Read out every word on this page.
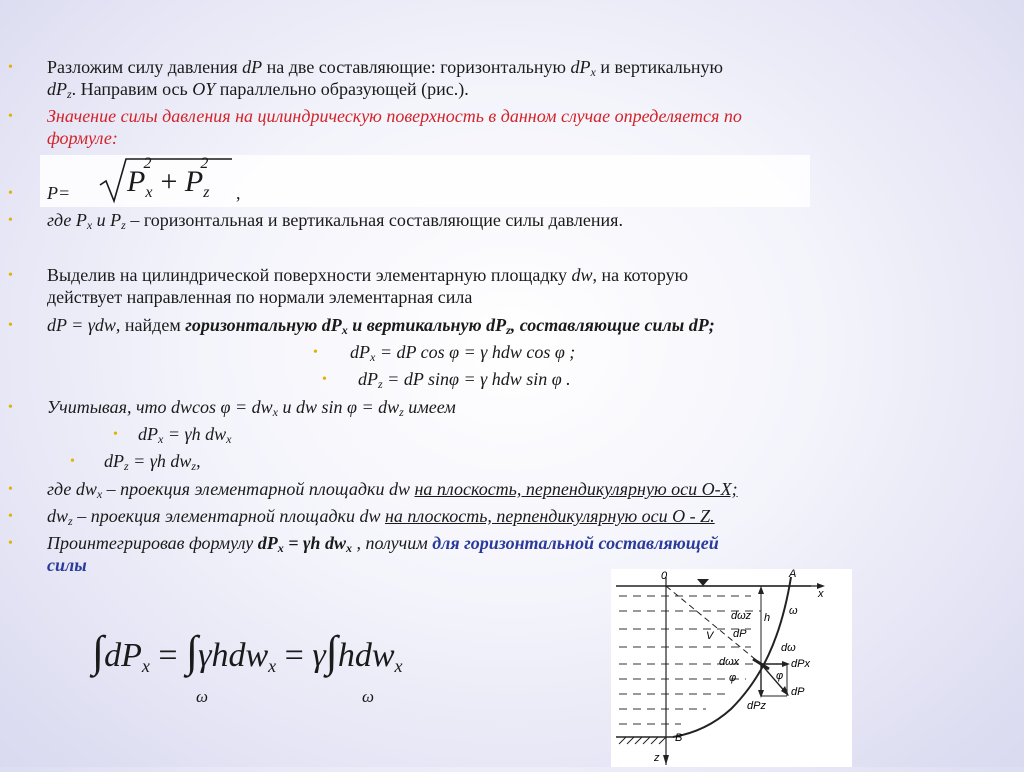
• Разложим силу давления dP на две составляющие: горизонтальную $dP_x$ и вертикальную
$dP_z$. Направим ось OY параллельно образующей (рис.).
• Значение силы давления на цилиндрическую поверхность в данном случае определяется по
формуле:
• $P= P_x^2+ P_z^2$
,
• где $P_x$ и $P_z$ – горизонтальная и вертикальная составляющие силы давления.
• Выделив на цилиндрической поверхности элементарную площадку dw, на которую
действует направленная по нормали элементарная сила
• dP = γdw, найдем горизонтальную $dP_x$ и вертикальную $dP_z$, составляющие силы dP;
• $dP_x$ = dP cos φ = γ hdw cos φ ;
• $dP_z$ = dP sinφ = γ hdw sin φ .
• Учитывая, что dwcos $\varphi = dw_x$ и dw $\sin \varphi = dw_z$ имеем
• $dP_x = \gamma h$ $dw_x$
• $dP_z = \gamma h$ $dw_z$,
• где $dw_x$ – проекция элементарной площадки dw на плоскость, перпендикулярную оси O-X;
• $dw_z$ – проекция элементарной площадки dw на плоскость, перпендикулярную оси O - Z.
• Проинтегрировав формулу $dP_x = \gamma h$ $dw_x$ , получим для горизонтальной составляющей
силы
$\int dP_x = \int\gamma hdw_x = \gamma\int hdw_x$
ω	ω
0	A
x
dωz
dP
h
ω
V
dωx
dω
dPx
φ	φ
dP
dPz
B
z
